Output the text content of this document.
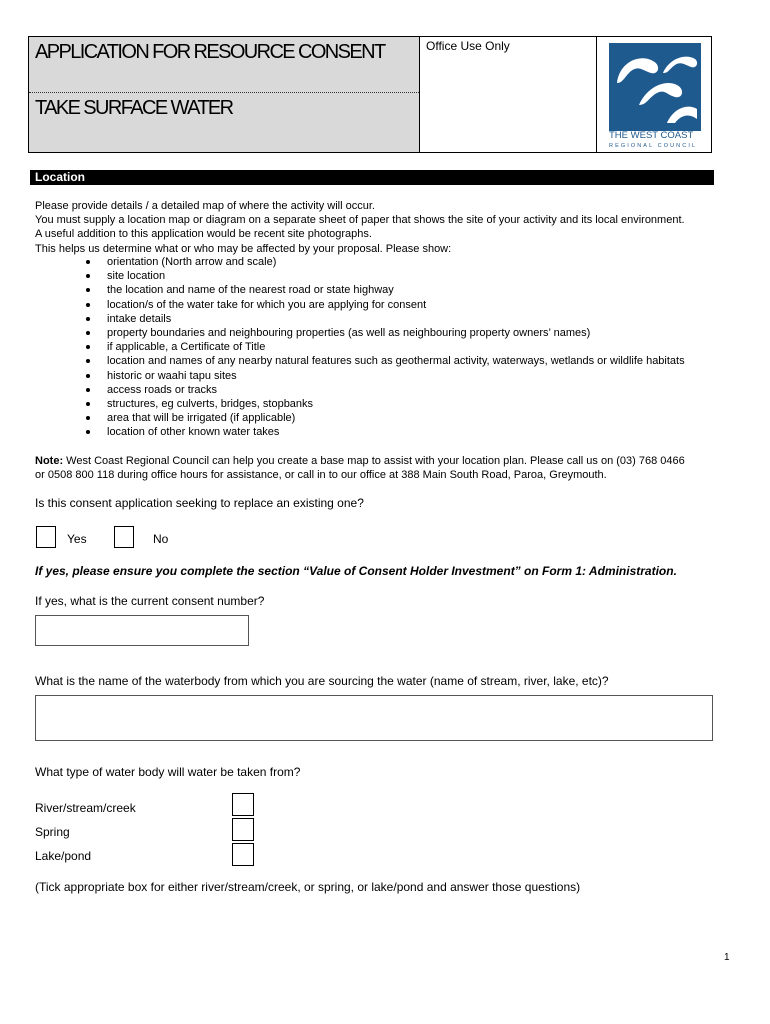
APPLICATION FOR RESOURCE CONSENT
TAKE SURFACE WATER
Office Use Only
THE WEST COAST
REGIONAL COUNCIL
Location

Please provide details / a detailed map of where the activity will occur.

You must supply a location map or diagram on a separate sheet of paper that shows the site of your activity and its local environment.

A useful addition to this application would be recent site photographs.

This helps us determine what or who may be affected by your proposal. Please show:

orientation (North arrow and scale)
site location
the location and name of the nearest road or state highway
location/s of the water take for which you are applying for consent
intake details
property boundaries and neighbouring properties (as well as neighbouring property owners’ names)
if applicable, a Certificate of Title
location and names of any nearby natural features such as geothermal activity, waterways, wetlands or wildlife habitats
historic or waahi tapu sites
access roads or tracks
structures, eg culverts, bridges, stopbanks
area that will be irrigated (if applicable)
location of other known water takes

Note: West Coast Regional Council can help you create a base map to assist with your location plan. Please call us on (03) 768 0466

or 0508 800 118 during office hours for assistance, or call in to our office at 388 Main South Road, Paroa, Greymouth.

Is this consent application seeking to replace an existing one?
Yes	No
If yes, please ensure you complete the section “Value of Consent Holder Investment” on Form 1: Administration.
If yes, what is the current consent number?
What is the name of the waterbody from which you are sourcing the water (name of stream, river, lake, etc)?
What type of water body will water be taken from?
River/stream/creek
Spring
Lake/pond
(Tick appropriate box for either river/stream/creek, or spring, or lake/pond and answer those questions)
1
